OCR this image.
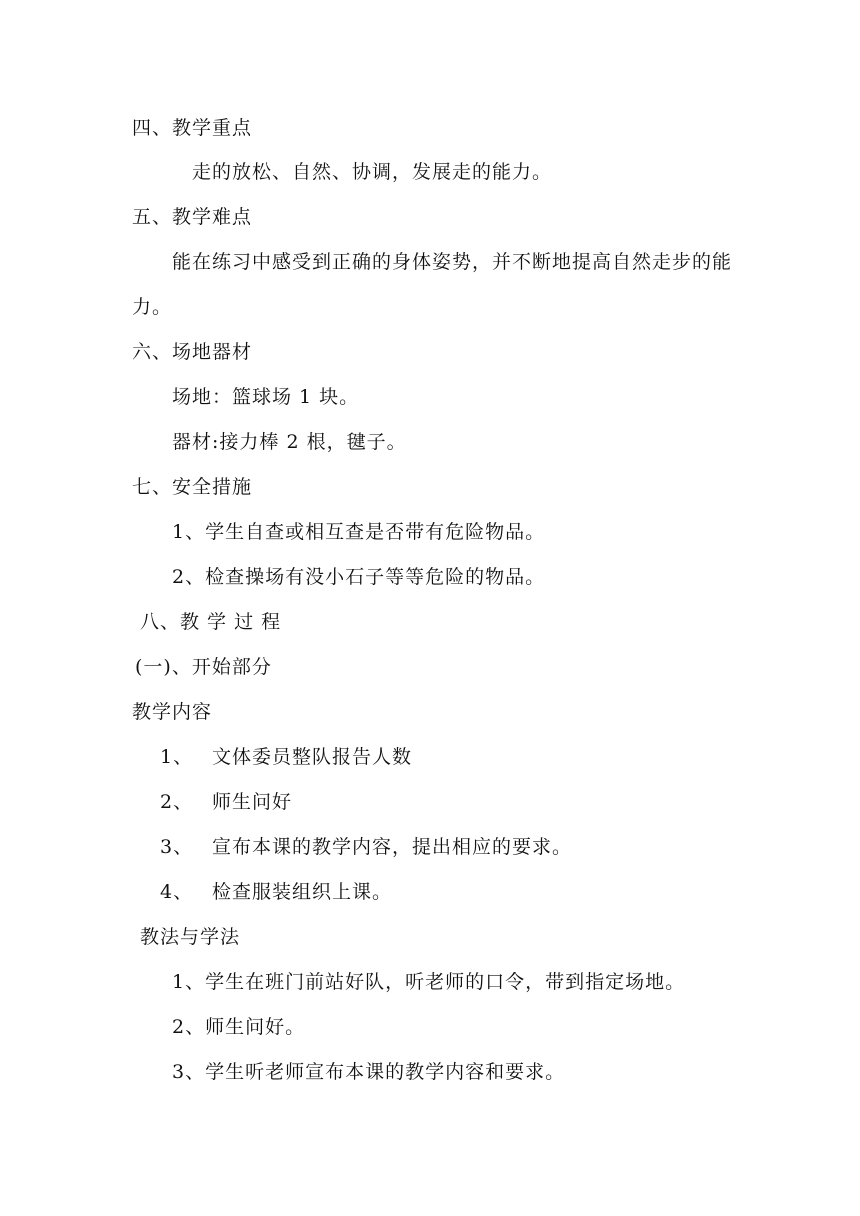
四、教学重点
走的放松、自然、协调，发展走的能力。
五、教学难点
能在练习中感受到正确的身体姿势，并不断地提高自然走步的能
力。
六、场地器材
场地：篮球场 1 块。
器材:接力棒 2 根，毽子。
七、安全措施
1、学生自查或相互查是否带有危险物品。
2、检查操场有没小石子等等危险的物品。
八、教 学 过 程
(一)、开始部分
教学内容
1、 文体委员整队报告人数
2、 师生问好
3、 宣布本课的教学内容，提出相应的要求。
4、 检查服装组织上课。
教法与学法
1、学生在班门前站好队，听老师的口令，带到指定场地。
2、师生问好。
3、学生听老师宣布本课的教学内容和要求。
